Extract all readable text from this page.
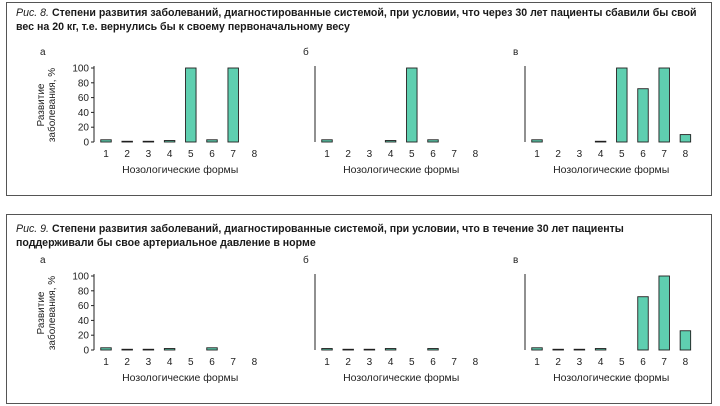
Рис. 8. Степени развития заболеваний, диагностированные системой, при условии, что через 30 лет пациенты сбавили бы свой вес на 20 кг, т.е. вернулись бы к своему первоначальному весу
Рис. 9. Степени развития заболеваний, диагностированные системой, при условии, что в течение 30 лет пациенты поддерживали бы свое артериальное давление в норме
а
Развитиезаболевания, %
0
20
40
60
80
100
1 2 3 4 5 6 7 8
Нозологические формы
б
1 2 3 4 5 6 7 8
Нозологические формы
в
1 2 3 4 5 6 7 8
Нозологические формы
а
Развитиезаболевания, %
0
20
40
60
80
100
1 2 3 4 5 6 7 8
Нозологические формы
б
1 2 3 4 5 6 7 8
Нозологические формы
в
1 2 3 4 5 6 7 8
Нозологические формы
